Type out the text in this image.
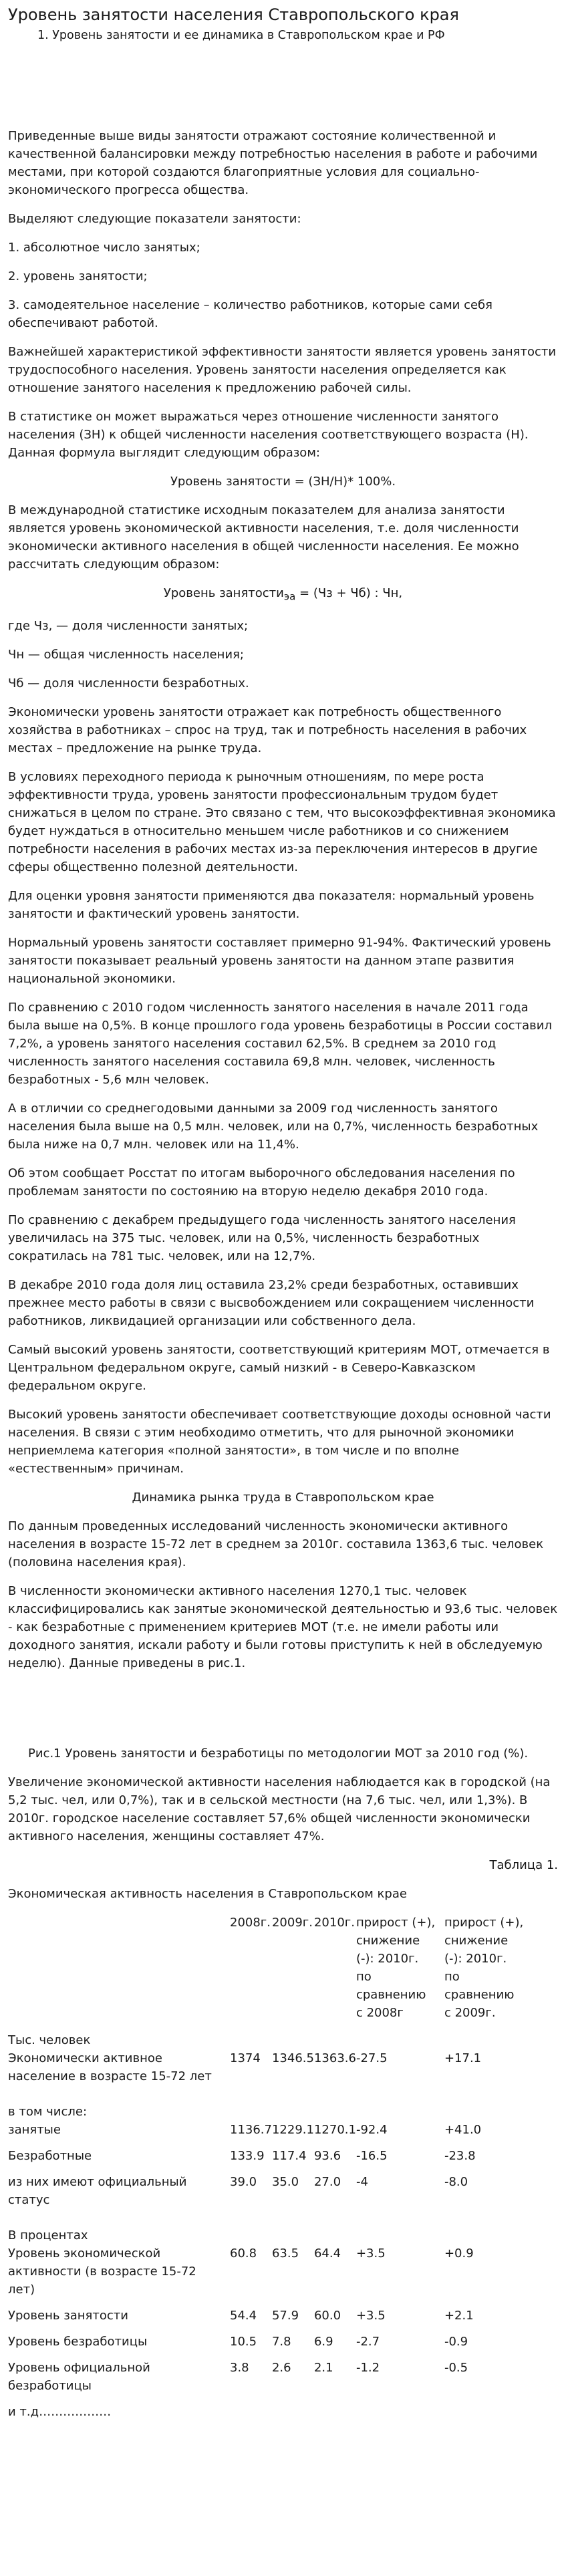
Уровень занятости населения Ставропольского края
1. Уровень занятости и ее динамика в Ставропольском крае и РФ

Приведенные выше виды занятости отражают состояние количественной и качественной балансировки между потребностью населения в работе и рабочими местами, при которой создаются благоприятные условия для социально-экономического прогресса общества.

Выделяют следующие показатели занятости:

1. абсолютное число занятых;

2. уровень занятости;

3. самодеятельное население – количество работников, которые сами себя обеспечивают работой.

Важнейшей характеристикой эффективности занятости является уровень занятости трудоспособного населения. Уровень занятости населения определяется как отношение занятого населения к предложению рабочей силы.

В статистике он может выражаться через отношение численности занятого населения (ЗН) к общей численности населения соответствующего возраста (Н). Данная формула выглядит следующим образом:

Уровень занятости = (ЗН/Н)* 100%.

В международной статистике исходным показателем для анализа занятости является уровень экономической активности населения, т.е. доля численности экономически активного населения в общей численности населения. Ее можно рассчитать следующим образом:

Уровень занятости$_{эа}$ = (Чз + Чб) : Чн,

где Чз, — доля численности занятых;

Чн — общая численность населения;

Чб — доля численности безработных.

Экономически уровень занятости отражает как потребность общественного хозяйства в работниках – спрос на труд, так и потребность населения в рабочих местах – предложение на рынке труда.

В условиях переходного периода к рыночным отношениям, по мере роста эффективности труда, уровень занятости профессиональным трудом будет снижаться в целом по стране. Это связано с тем, что высокоэффективная экономика будет нуждаться в относительно меньшем числе работников и со снижением потребности населения в рабочих местах из-за переключения интересов в другие сферы общественно полезной деятельности.

Для оценки уровня занятости применяются два показателя: нормальный уровень занятости и фактический уровень занятости.

Нормальный уровень занятости составляет примерно 91-94%. Фактический уровень занятости показывает реальный уровень занятости на данном этапе развития национальной экономики.

По сравнению с 2010 годом численность занятого населения в начале 2011 года была выше на 0,5%. В конце прошлого года уровень безработицы в России составил 7,2%, а уровень занятого населения составил 62,5%. В среднем за 2010 год численность занятого населения составила 69,8 млн. человек, численность безработных - 5,6 млн человек.

А в отличии со среднегодовыми данными за 2009 год численность занятого населения была выше на 0,5 млн. человек, или на 0,7%, численность безработных была ниже на 0,7 млн. человек или на 11,4%.

Об этом сообщает Росстат по итогам выборочного обследования населения по проблемам занятости по состоянию на вторую неделю декабря 2010 года.

По сравнению с декабрем предыдущего года численность занятого населения увеличилась на 375 тыс. человек, или на 0,5%, численность безработных сократилась на 781 тыс. человек, или на 12,7%.

В декабре 2010 года доля лиц оставила 23,2% среди безработных, оставивших прежнее место работы в связи с высвобождением или сокращением численности работников, ликвидацией организации или собственного дела.

Самый высокий уровень занятости, соответствующий критериям МОТ, отмечается в Центральном федеральном округе, самый низкий - в Северо-Кавказском федеральном округе.

Высокий уровень занятости обеспечивает соответствующие доходы основной части населения. В связи с этим необходимо отметить, что для рыночной экономики неприемлема категория «полной занятости», в том числе и по вполне «естественным» причинам.

Динамика рынка труда в Ставропольском крае

По данным проведенных исследований численность экономически активного населения в возрасте 15-72 лет в среднем за 2010г. составила 1363,6 тыс. человек (половина населения края).

В численности экономически активного населения 1270,1 тыс. человек классифицировались как занятые экономической деятельностью и 93,6 тыс. человек - как безработные с применением критериев МОТ (т.е. не имели работы или доходного занятия, искали работу и были готовы приступить к ней в обследуемую неделю). Данные приведены в рис.1.

Рис.1 Уровень занятости и безработицы по методологии МОТ за 2010 год (%).

Увеличение экономической активности населения наблюдается как в городской (на 5,2 тыс. чел, или 0,7%), так и в сельской местности (на 7,6 тыс. чел, или 1,3%). В 2010г. городское население составляет 57,6% общей численности экономически активного населения, женщины составляет 47%.

Таблица 1.

Экономическая активность населения в Ставропольском крае

	2008г.	2009г.	2010г.	прирост (+), снижение (-): 2010г. по сравнению с 2008г	прирост (+), снижение (-): 2010г. по сравнению с 2009г.
Тыс. человек					
Экономически активное население в возрасте 15-72 лет	1374	1346.5	1363.6	-27.5	+17.1
в том числе:					
занятые	1136.7	1229.1	1270.1	-92.4	+41.0
Безработные	133.9	117.4	93.6	-16.5	-23.8
из них имеют официальный статус	39.0	35.0	27.0	-4	-8.0
В процентах					
Уровень экономической активности (в возрасте 15-72 лет)	60.8	63.5	64.4	+3.5	+0.9
Уровень занятости	54.4	57.9	60.0	+3.5	+2.1
Уровень безработицы	10.5	7.8	6.9	-2.7	-0.9
Уровень официальной безработицы	3.8	2.6	2.1	-1.2	-0.5

и т.д………………
